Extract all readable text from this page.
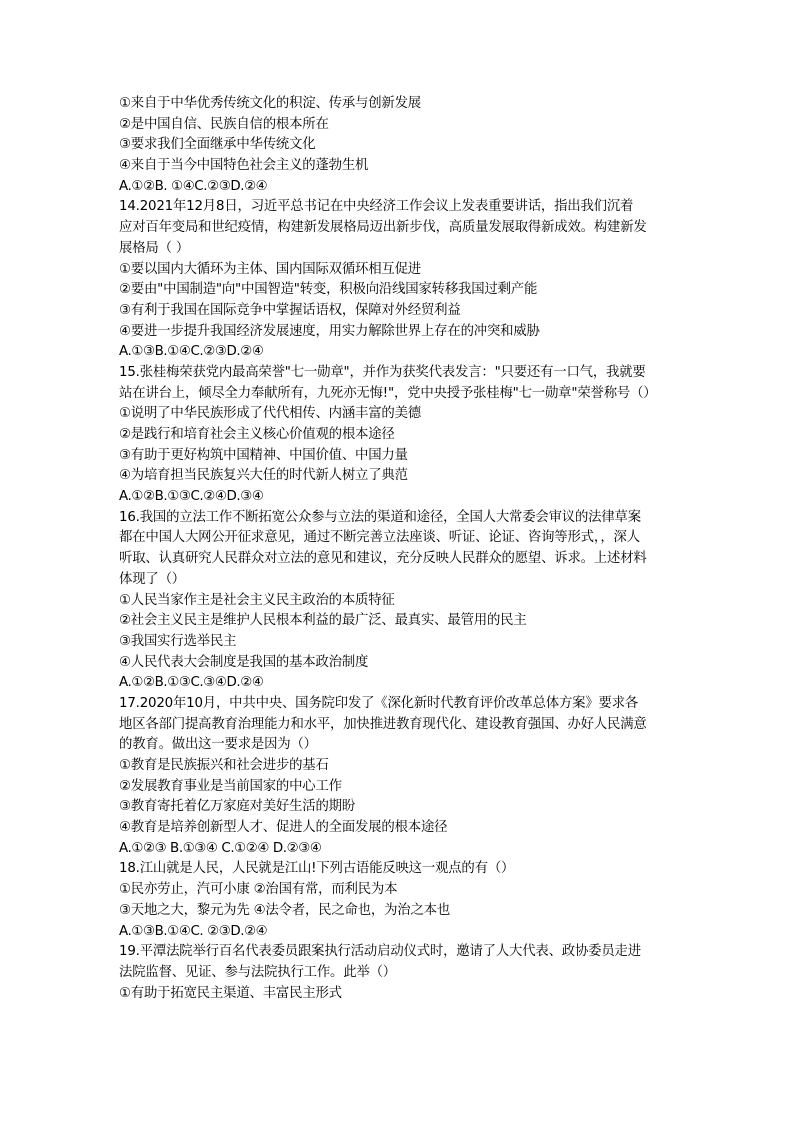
①来自于中华优秀传统文化的积淀、传承与创新发展
②是中国自信、民族自信的根本所在
③要求我们全面继承中华传统文化
④来自于当今中国特色社会主义的蓬勃生机
A.①②B. ①④C.②③D.②④
14.2021年12月8日，习近平总书记在中央经济工作会议上发表重要讲话，指出我们沉着
应对百年变局和世纪疫情，构建新发展格局迈出新步伐，高质量发展取得新成效。构建新发
展格局（ ）
①要以国内大循环为主体、国内国际双循环相互促进
②要由"中国制造"向"中国智造"转变，积极向沿线国家转移我国过剩产能
③有利于我国在国际竞争中掌握话语权，保障对外经贸利益
④要进一步提升我国经济发展速度，用实力解除世界上存在的冲突和威胁
A.①③B.①④C.②③D.②④
15.张桂梅荣获党内最高荣誉"七一勋章"，并作为获奖代表发言："只要还有一口气，我就要
站在讲台上，倾尽全力奉献所有，九死亦无悔!"，党中央授予张桂梅"七一勋章"荣誉称号（）
①说明了中华民族形成了代代相传、内涵丰富的美德
②是践行和培育社会主义核心价值观的根本途径
③有助于更好构筑中国精神、中国价值、中国力量
④为培育担当民族复兴大任的时代新人树立了典范
A.①②B.①③C.②④D.③④
16.我国的立法工作不断拓宽公众参与立法的渠道和途径，全国人大常委会审议的法律草案
都在中国人大网公开征求意见，通过不断完善立法座谈、听证、论证、咨询等形式，，深人
听取、认真研究人民群众对立法的意见和建议，充分反映人民群众的愿望、诉求。上述材料
体现了（）
①人民当家作主是社会主义民主政治的本质特征
②社会主义民主是维护人民根本利益的最广泛、最真实、最管用的民主
③我国实行选举民主
④人民代表大会制度是我国的基本政治制度
A.①②B.①③C.③④D.②④
17.2020年10月，中共中央、国务院印发了《深化新时代教育评价改革总体方案》要求各
地区各部门提高教育治理能力和水平，加快推进教育现代化、建设教育强国、办好人民满意
的教育。做出这一要求是因为（）
①教育是民族振兴和社会进步的基石
②发展教育事业是当前国家的中心工作
③教育寄托着亿万家庭对美好生活的期盼
④教育是培养创新型人才、促进人的全面发展的根本途径
A.①②③ B.①③④ C.①②④ D.②③④
18.江山就是人民，人民就是江山!下列古语能反映这一观点的有（）
①民亦劳止，汽可小康 ②治国有常，而利民为本
③天地之大，黎元为先 ④法令者，民之命也，为治之本也
A.①③B.①④C. ②③D.②④
19.平潭法院举行百名代表委员跟案执行活动启动仪式时，邀请了人大代表、政协委员走进
法院监督、见证、参与法院执行工作。此举（）
①有助于拓宽民主渠道、丰富民主形式
